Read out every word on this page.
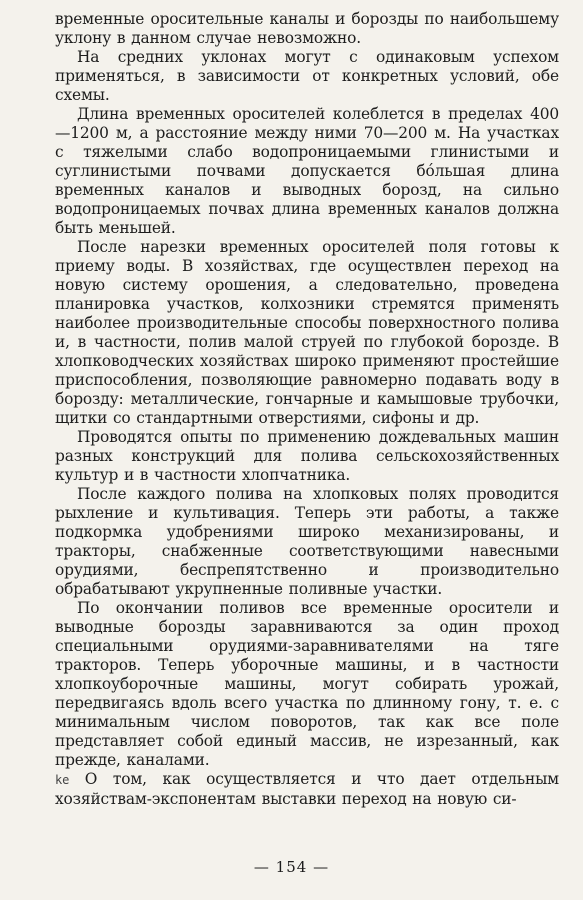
временные оросительные каналы и борозды по наибольшему уклону в данном случае невозможно.

На средних уклонах могут с одинаковым успехом применяться, в зависимости от конкретных условий, обе схемы.

Длина временных оросителей колеблется в пределах 400—1200 м, а расстояние между ними 70—200 м. На участках с тяжелыми слабо водопроницаемыми глинистыми и суглинистыми почвами допускается бо́льшая длина временных каналов и выводных борозд, на сильно водопроницаемых почвах длина временных каналов должна быть меньшей.

После нарезки временных оросителей поля готовы к приему воды. В хозяйствах, где осуществлен переход на новую систему орошения, а следовательно, проведена планировка участков, колхозники стремятся применять наиболее производительные способы поверхностного полива и, в частности, полив малой струей по глубокой борозде. В хлопководческих хозяйствах широко применяют простейшие приспособления, позволяющие равномерно подавать воду в борозду: металлические, гончарные и камышовые трубочки, щитки со стандартными отверстиями, сифоны и др.

Проводятся опыты по применению дождевальных машин разных конструкций для полива сельскохозяйственных культур и в частности хлопчатника.

После каждого полива на хлопковых полях проводится рыхление и культивация. Теперь эти работы, а также подкормка удобрениями широко механизированы, и тракторы, снабженные соответствующими навесными орудиями, беспрепятственно и производительно обрабатывают укрупненные поливные участки.

По окончании поливов все временные оросители и выводные борозды заравниваются за один проход специальными орудиями-заравнивателями на тяге тракторов. Теперь уборочные машины, и в частности хлопкоуборочные машины, могут собирать урожай, передвигаясь вдоль всего участка по длинному гону, т. е. с минимальным числом поворотов, так как все поле представляет собой единый массив, не изрезанный, как прежде, каналами.

ke О том, как осуществляется и что дает отдельным хозяйствам-экспонентам выставки переход на новую си-

— 154 —
